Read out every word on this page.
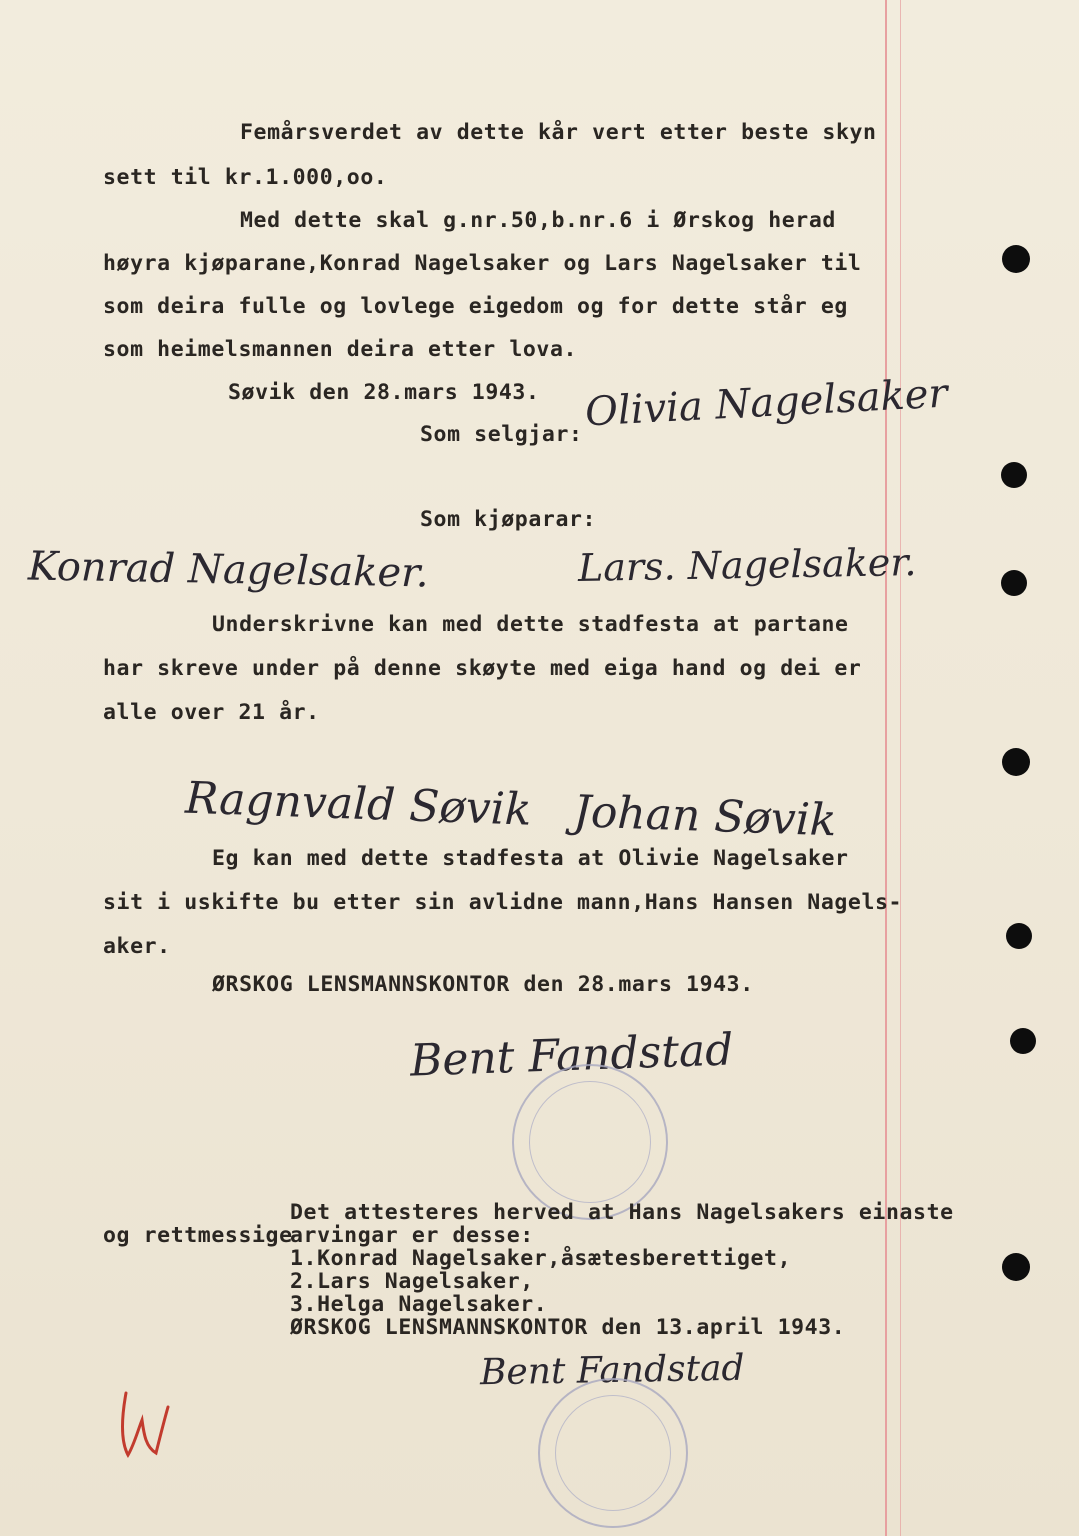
Femårsverdet av dette kår vert etter beste skyn
sett til kr.1.000,oo.
Med dette skal g.nr.50,b.nr.6 i Ørskog herad
høyra kjøparane,Konrad Nagelsaker og Lars Nagelsaker til
som deira fulle og lovlege eigedom og for dette står eg
som heimelsmannen deira etter lova.
Søvik den 28.mars 1943.
Som selgjar: Olivia Nagelsaker
Som kjøparar:
Konrad Nagelsaker.	Lars. Nagelsaker.
Underskrivne kan med dette stadfesta at partane
har skreve under på denne skøyte med eiga hand og dei er
alle over 21 år.
Ragnvald Søvik   Johan Søvik
Eg kan med dette stadfesta at Olivie Nagelsaker
sit i uskifte bu etter sin avlidne mann,Hans Hansen Nagels-
aker.
ØRSKOG LENSMANNSKONTOR den 28.mars 1943.
Bent Fandstad
Det attesteres herved at Hans Nagelsakers einaste
og rettmessige
arvingar er desse:
1.Konrad Nagelsaker,åsætesberettiget,
2.Lars Nagelsaker,
3.Helga Nagelsaker.
ØRSKOG LENSMANNSKONTOR den 13.april 1943.
Bent Fandstad
